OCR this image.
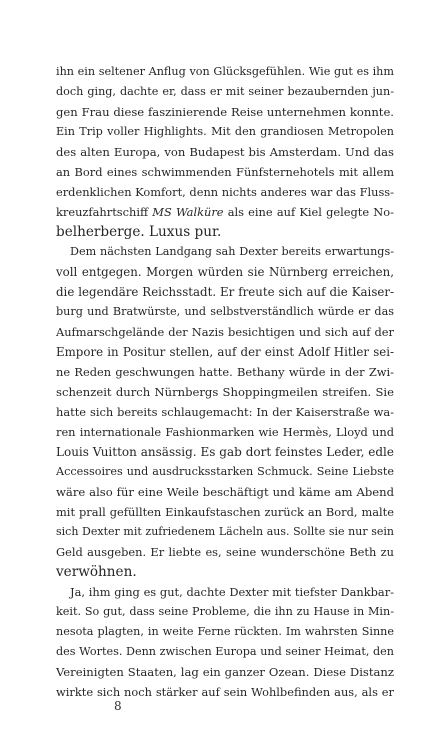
ihn ein seltener Anflug von Glücksgefühlen. Wie gut es ihm
doch ging, dachte er, dass er mit seiner bezaubernden jun-
gen Frau diese faszinierende Reise unternehmen konnte.
Ein Trip voller Highlights. Mit den grandiosen Metropolen
des alten Europa, von Budapest bis Amsterdam. Und das
an Bord eines schwimmenden Fünfsternehotels mit allem
erdenklichen Komfort, denn nichts anderes war das Fluss-
kreuzfahrtschiff MS Walküre als eine auf Kiel gelegte No-
belherberge. Luxus pur.
Dem nächsten Landgang sah Dexter bereits erwartungs-
voll entgegen. Morgen würden sie Nürnberg erreichen,
die legendäre Reichsstadt. Er freute sich auf die Kaiser-
burg und Bratwürste, und selbstverständlich würde er das
Aufmarschgelände der Nazis besichtigen und sich auf der
Empore in Positur stellen, auf der einst Adolf Hitler sei-
ne Reden geschwungen hatte. Bethany würde in der Zwi-
schenzeit durch Nürnbergs Shoppingmeilen streifen. Sie
hatte sich bereits schlaugemacht: In der Kaiserstraße wa-
ren internationale Fashionmarken wie Hermès, Lloyd und
Louis Vuitton ansässig. Es gab dort feinstes Leder, edle
Accessoires und ausdrucksstarken Schmuck. Seine Liebste
wäre also für eine Weile beschäftigt und käme am Abend
mit prall gefüllten Einkaufstaschen zurück an Bord, malte
sich Dexter mit zufriedenem Lächeln aus. Sollte sie nur sein
Geld ausgeben. Er liebte es, seine wunderschöne Beth zu
verwöhnen.
Ja, ihm ging es gut, dachte Dexter mit tiefster Dankbar-
keit. So gut, dass seine Probleme, die ihn zu Hause in Min-
nesota plagten, in weite Ferne rückten. Im wahrsten Sinne
des Wortes. Denn zwischen Europa und seiner Heimat, den
Vereinigten Staaten, lag ein ganzer Ozean. Diese Distanz
wirkte sich noch stärker auf sein Wohlbefinden aus, als er
8
